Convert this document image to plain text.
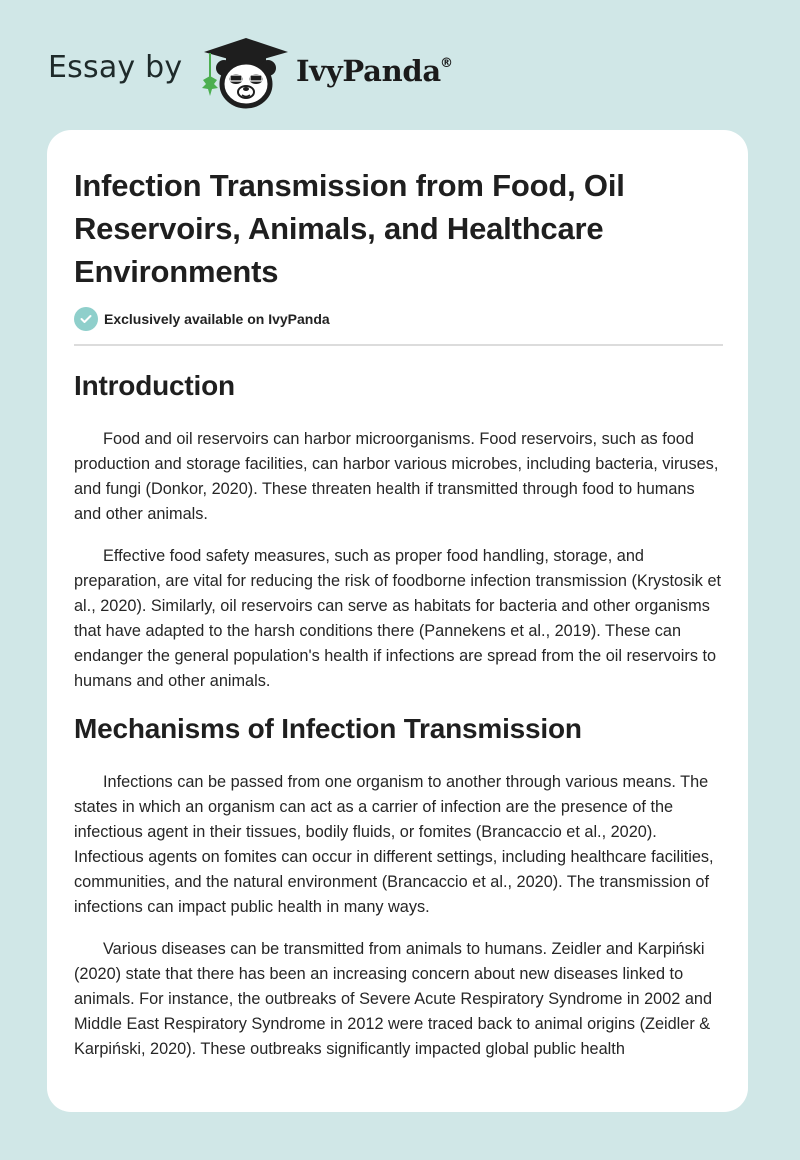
Essay by	IvyPanda ®
Infection Transmission from Food, Oil Reservoirs, Animals, and Healthcare Environments
Exclusively available on IvyPanda
Introduction

Food and oil reservoirs can harbor microorganisms. Food reservoirs, such as food production and storage facilities, can harbor various microbes, including bacteria, viruses, and fungi (Donkor, 2020). These threaten health if transmitted through food to humans and other animals.

Effective food safety measures, such as proper food handling, storage, and preparation, are vital for reducing the risk of foodborne infection transmission (Krystosik et al., 2020). Similarly, oil reservoirs can serve as habitats for bacteria and other organisms that have adapted to the harsh conditions there (Pannekens et al., 2019). These can endanger the general population's health if infections are spread from the oil reservoirs to humans and other animals.

Mechanisms of Infection Transmission

Infections can be passed from one organism to another through various means. The states in which an organism can act as a carrier of infection are the presence of the infectious agent in their tissues, bodily fluids, or fomites (Brancaccio et al., 2020). Infectious agents on fomites can occur in different settings, including healthcare facilities, communities, and the natural environment (Brancaccio et al., 2020). The transmission of infections can impact public health in many ways.

Various diseases can be transmitted from animals to humans. Zeidler and Karpiński (2020) state that there has been an increasing concern about new diseases linked to animals. For instance, the outbreaks of Severe Acute Respiratory Syndrome in 2002 and Middle East Respiratory Syndrome in 2012 were traced back to animal origins (Zeidler & Karpiński, 2020). These outbreaks significantly impacted global public health
